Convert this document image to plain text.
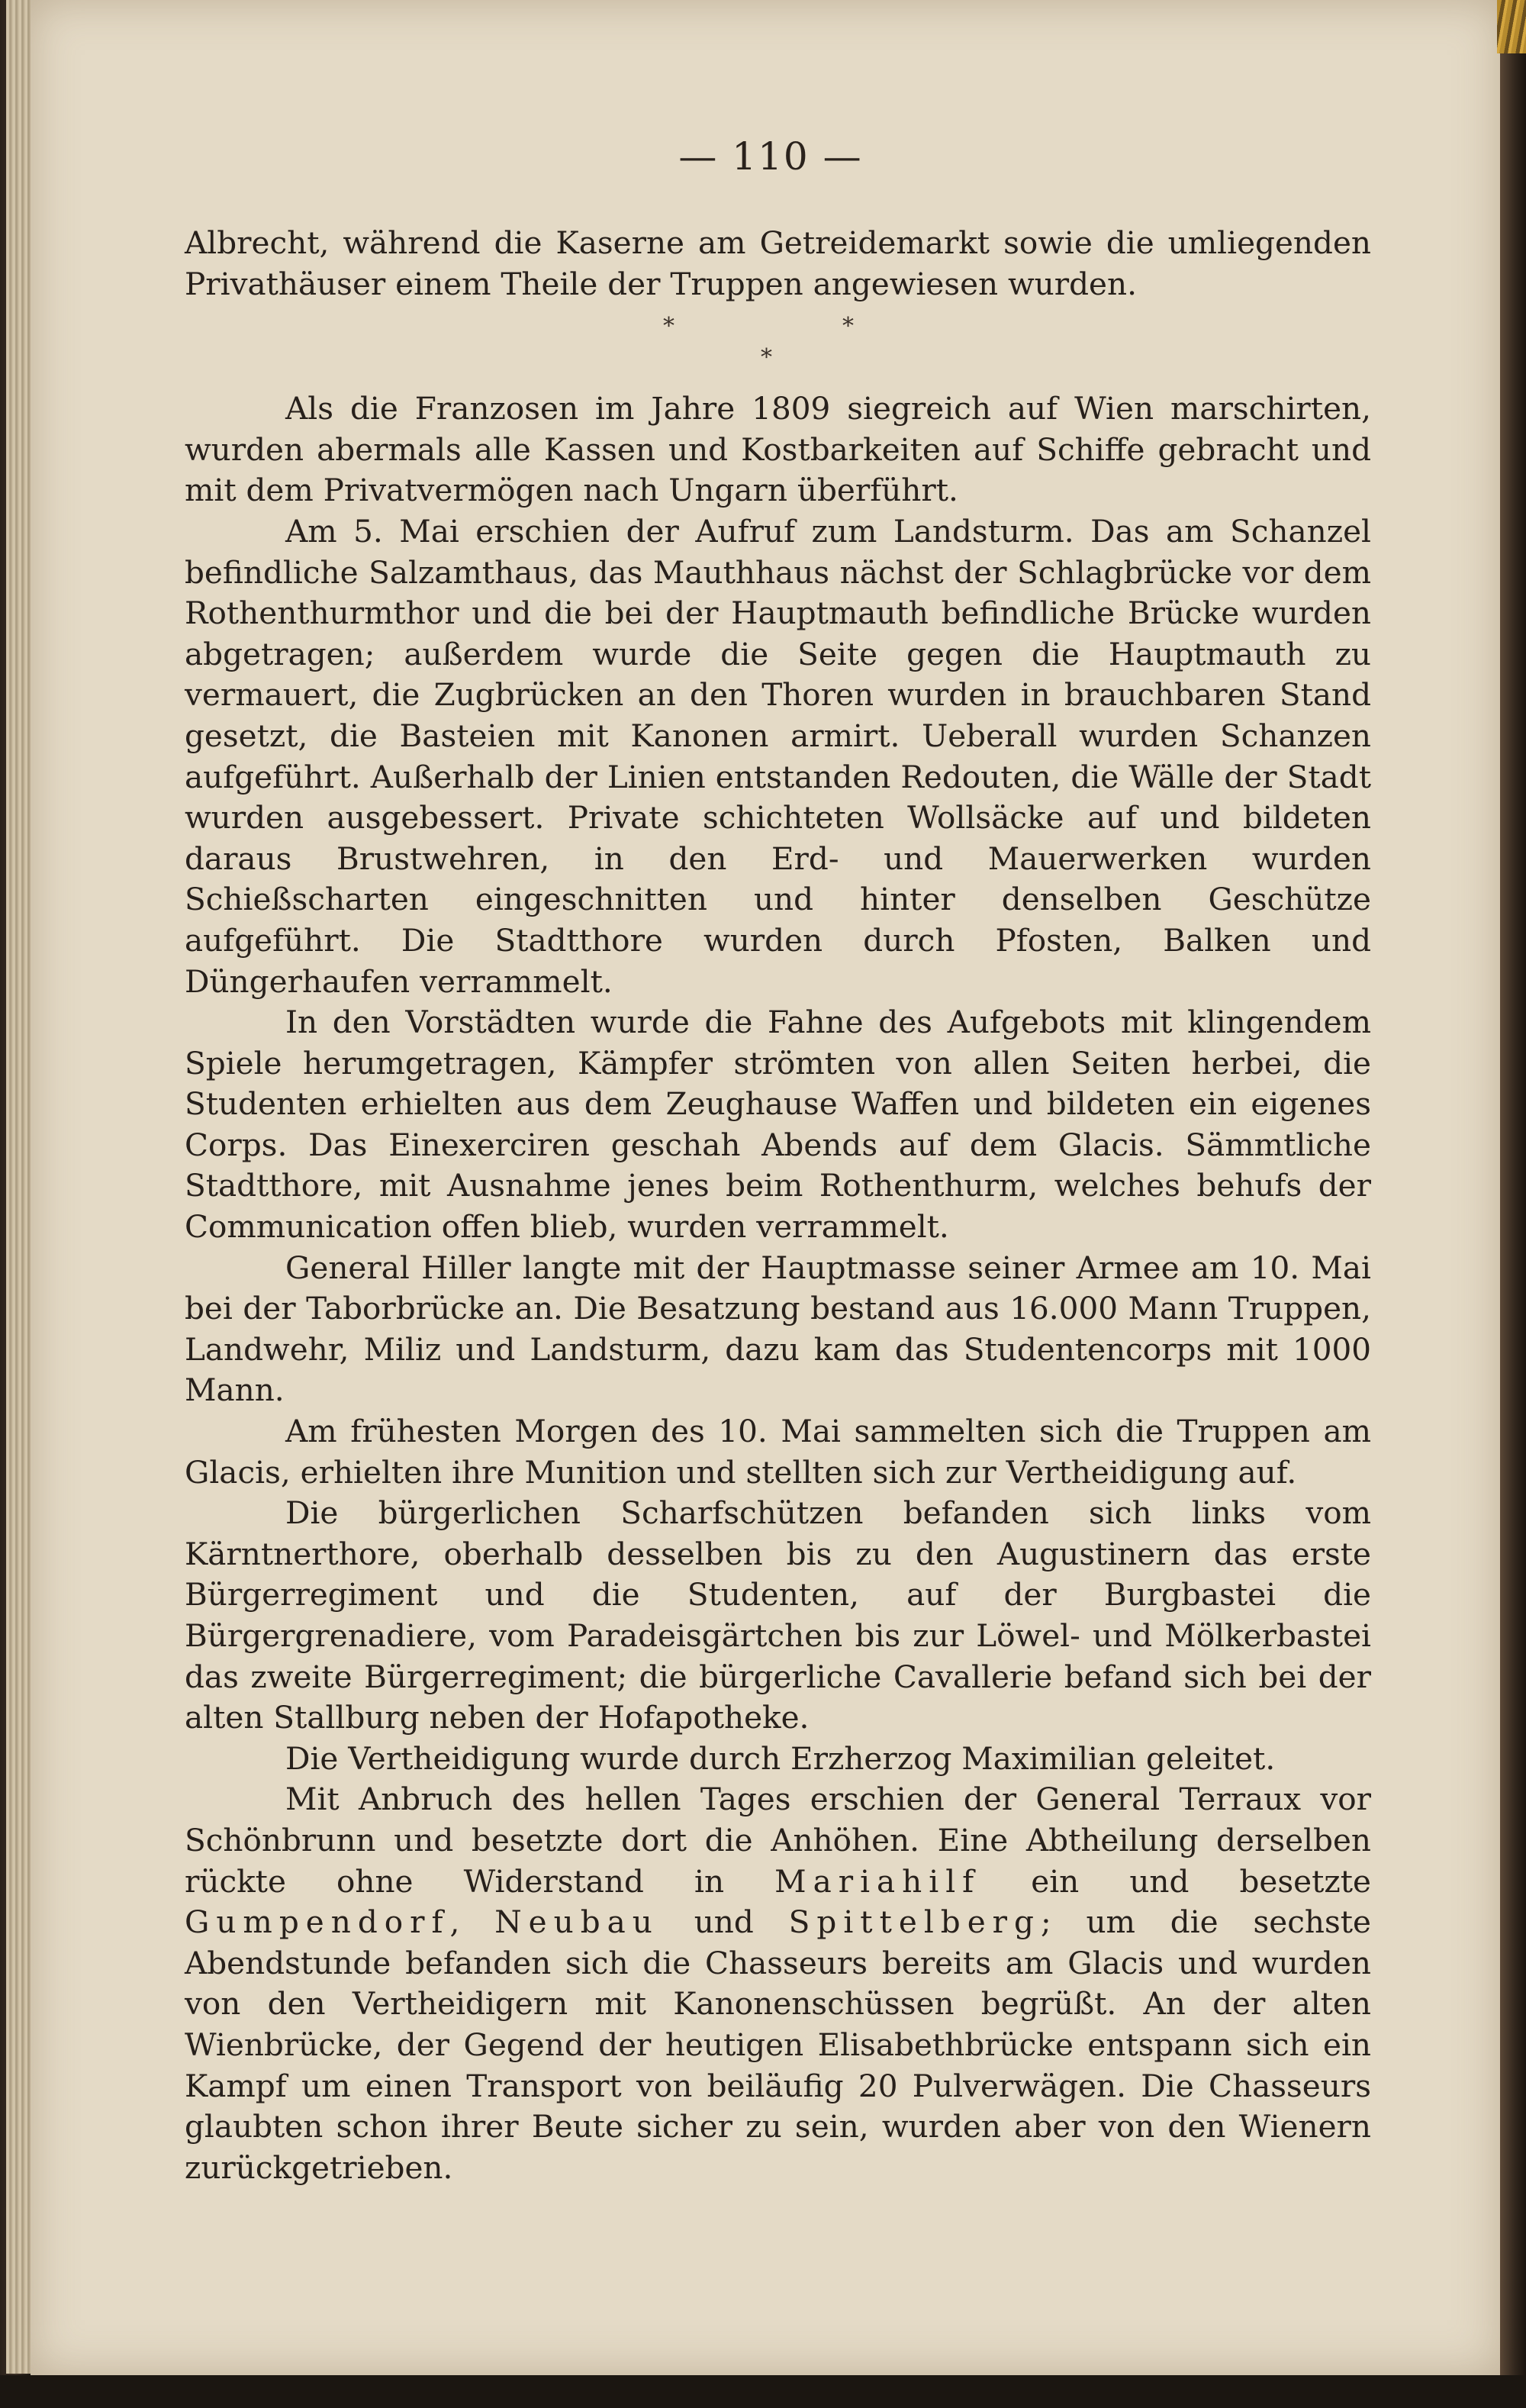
— 110 —

Albrecht, während die Kaserne am Getreidemarkt sowie die umliegenden Privathäuser einem Theile der Truppen angewiesen wurden.

*	*
*

Als die Franzosen im Jahre 1809 siegreich auf Wien marschirten, wurden abermals alle Kassen und Kostbarkeiten auf Schiffe gebracht und mit dem Privatvermögen nach Ungarn überführt.

Am 5. Mai erschien der Aufruf zum Landsturm. Das am Schanzel befindliche Salzamthaus, das Mauthhaus nächst der Schlagbrücke vor dem Rothenthurmthor und die bei der Hauptmauth befindliche Brücke wurden abgetragen; außerdem wurde die Seite gegen die Hauptmauth zu vermauert, die Zugbrücken an den Thoren wurden in brauchbaren Stand gesetzt, die Basteien mit Kanonen armirt. Ueberall wurden Schanzen aufgeführt. Außerhalb der Linien entstanden Redouten, die Wälle der Stadt wurden ausgebessert. Private schichteten Wollsäcke auf und bildeten daraus Brustwehren, in den Erd- und Mauerwerken wurden Schießscharten eingeschnitten und hinter denselben Geschütze aufgeführt. Die Stadtthore wurden durch Pfosten, Balken und Düngerhaufen verrammelt.

In den Vorstädten wurde die Fahne des Aufgebots mit klingendem Spiele herumgetragen, Kämpfer strömten von allen Seiten herbei, die Studenten erhielten aus dem Zeughause Waffen und bildeten ein eigenes Corps. Das Einexerciren geschah Abends auf dem Glacis. Sämmtliche Stadtthore, mit Ausnahme jenes beim Rothenthurm, welches behufs der Communication offen blieb, wurden verrammelt.

General Hiller langte mit der Hauptmasse seiner Armee am 10. Mai bei der Taborbrücke an. Die Besatzung bestand aus 16.000 Mann Truppen, Landwehr, Miliz und Landsturm, dazu kam das Studentencorps mit 1000 Mann.

Am frühesten Morgen des 10. Mai sammelten sich die Truppen am Glacis, erhielten ihre Munition und stellten sich zur Vertheidigung auf.

Die bürgerlichen Scharfschützen befanden sich links vom Kärntnerthore, oberhalb desselben bis zu den Augustinern das erste Bürgerregiment und die Studenten, auf der Burgbastei die Bürgergrenadiere, vom Paradeisgärtchen bis zur Löwel- und Mölkerbastei das zweite Bürgerregiment; die bürgerliche Cavallerie befand sich bei der alten Stallburg neben der Hofapotheke.

Die Vertheidigung wurde durch Erzherzog Maximilian geleitet.

Mit Anbruch des hellen Tages erschien der General Terraux vor Schönbrunn und besetzte dort die Anhöhen. Eine Abtheilung derselben rückte ohne Widerstand in Mariahilf ein und besetzte Gumpendorf, Neubau und Spittelberg; um die sechste Abendstunde befanden sich die Chasseurs bereits am Glacis und wurden von den Vertheidigern mit Kanonenschüssen begrüßt. An der alten Wienbrücke, der Gegend der heutigen Elisabethbrücke entspann sich ein Kampf um einen Transport von beiläufig 20 Pulverwägen. Die Chasseurs glaubten schon ihrer Beute sicher zu sein, wurden aber von den Wienern zurückgetrieben.
